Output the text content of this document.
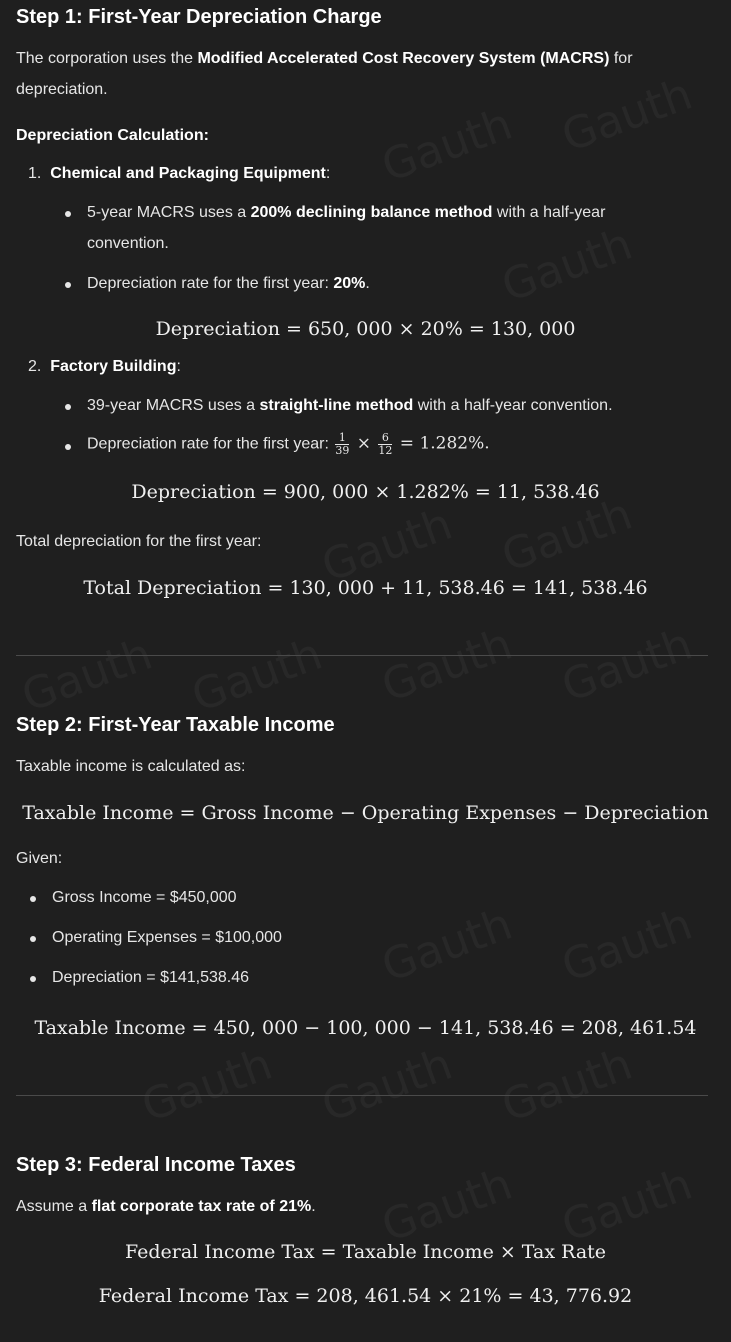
Step 1: First-Year Depreciation Charge
The corporation uses the Modified Accelerated Cost Recovery System (MACRS) for
depreciation.
Depreciation Calculation:
1. Chemical and Packaging Equipment:
5-year MACRS uses a 200% declining balance method with a half-year
convention.
Depreciation rate for the first year: 20%.
Depreciation = 650, 000 × 20% = 130, 000
2. Factory Building:
39-year MACRS uses a straight-line method with a half-year convention.
Depreciation rate for the first year: $\frac{1}{39} \times \frac{6}{12} = 1.282\%$.
Depreciation = 900, 000 × 1.282% = 11, 538.46
Total depreciation for the first year:
Total Depreciation = 130, 000 + 11, 538.46 = 141, 538.46
Step 2: First-Year Taxable Income
Taxable income is calculated as:
Taxable Income = Gross Income − Operating Expenses − Depreciation
Given:
Gross Income = $450,000
Operating Expenses = $100,000
Depreciation = $141,538.46
Taxable Income = 450, 000 − 100, 000 − 141, 538.46 = 208, 461.54
Step 3: Federal Income Taxes
Assume a flat corporate tax rate of 21%.
Federal Income Tax = Taxable Income × Tax Rate
Federal Income Tax = 208, 461.54 × 21% = 43, 776.92
